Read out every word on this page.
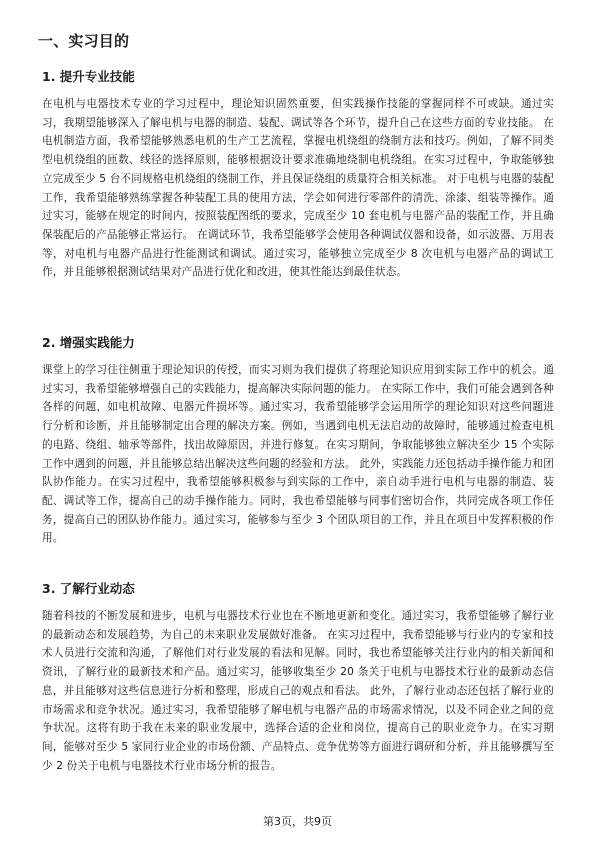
一、实习目的
1. 提升专业技能
在电机与电器技术专业的学习过程中，理论知识固然重要，但实践操作技能的掌握同样不可或缺。通过实习，我期望能够深入了解电机与电器的制造、装配、调试等各个环节，提升自己在这些方面的专业技能。 在电机制造方面，我希望能够熟悉电机的生产工艺流程，掌握电机绕组的绕制方法和技巧。例如，了解不同类型电机绕组的匝数、线径的选择原则，能够根据设计要求准确地绕制电机绕组。在实习过程中，争取能够独立完成至少 5 台不同规格电机绕组的绕制工作，并且保证绕组的质量符合相关标准。 对于电机与电器的装配工作，我希望能够熟练掌握各种装配工具的使用方法，学会如何进行零部件的清洗、涂漆、组装等操作。通过实习，能够在规定的时间内，按照装配图纸的要求，完成至少 10 套电机与电器产品的装配工作，并且确保装配后的产品能够正常运行。 在调试环节，我希望能够学会使用各种调试仪器和设备，如示波器、万用表等，对电机与电器产品进行性能测试和调试。通过实习，能够独立完成至少 8 次电机与电器产品的调试工作，并且能够根据测试结果对产品进行优化和改进，使其性能达到最佳状态。
2. 增强实践能力
课堂上的学习往往侧重于理论知识的传授，而实习则为我们提供了将理论知识应用到实际工作中的机会。通过实习，我希望能够增强自己的实践能力，提高解决实际问题的能力。 在实际工作中，我们可能会遇到各种各样的问题，如电机故障、电器元件损坏等。通过实习，我希望能够学会运用所学的理论知识对这些问题进行分析和诊断，并且能够制定出合理的解决方案。例如，当遇到电机无法启动的故障时，能够通过检查电机的电路、绕组、轴承等部件，找出故障原因，并进行修复。在实习期间，争取能够独立解决至少 15 个实际工作中遇到的问题，并且能够总结出解决这些问题的经验和方法。 此外，实践能力还包括动手操作能力和团队协作能力。在实习过程中，我希望能够积极参与到实际的工作中，亲自动手进行电机与电器的制造、装配、调试等工作，提高自己的动手操作能力。同时，我也希望能够与同事们密切合作，共同完成各项工作任务，提高自己的团队协作能力。通过实习，能够参与至少 3 个团队项目的工作，并且在项目中发挥积极的作用。
3. 了解行业动态
随着科技的不断发展和进步，电机与电器技术行业也在不断地更新和变化。通过实习，我希望能够了解行业的最新动态和发展趋势，为自己的未来职业发展做好准备。 在实习过程中，我希望能够与行业内的专家和技术人员进行交流和沟通，了解他们对行业发展的看法和见解。同时，我也希望能够关注行业内的相关新闻和资讯，了解行业的最新技术和产品。通过实习，能够收集至少 20 条关于电机与电器技术行业的最新动态信息，并且能够对这些信息进行分析和整理，形成自己的观点和看法。 此外，了解行业动态还包括了解行业的市场需求和竞争状况。通过实习，我希望能够了解电机与电器产品的市场需求情况，以及不同企业之间的竞争状况。这将有助于我在未来的职业发展中，选择合适的企业和岗位，提高自己的职业竞争力。在实习期间，能够对至少 5 家同行业企业的市场份额、产品特点、竞争优势等方面进行调研和分析，并且能够撰写至少 2 份关于电机与电器技术行业市场分析的报告。
第3页，共9页
